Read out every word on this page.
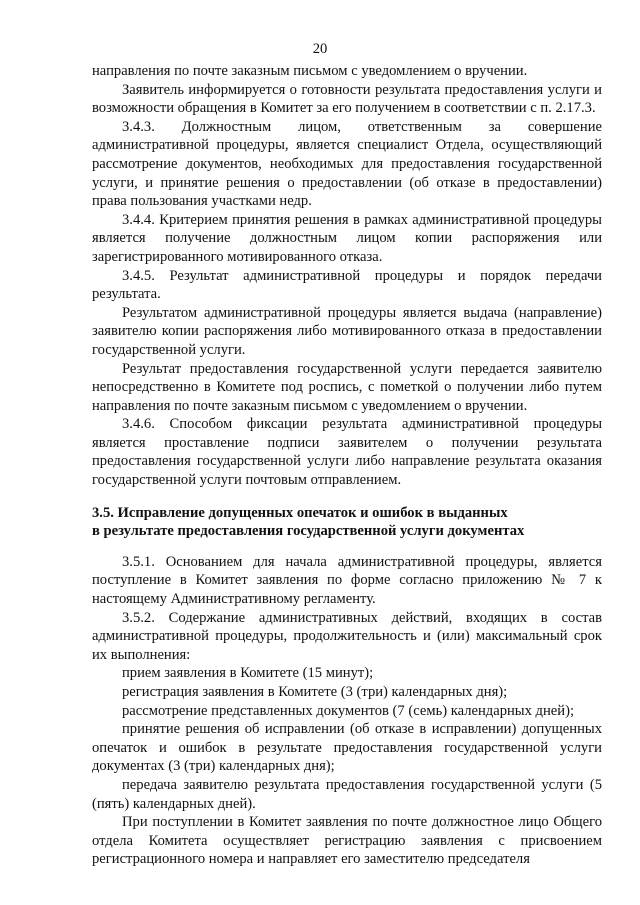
20

направления по почте заказным письмом с уведомлением о вручении.

Заявитель информируется о готовности результата предоставления услуги и возможности обращения в Комитет за его получением в соответствии с п. 2.17.3.

3.4.3. Должностным лицом, ответственным за совершение административной процедуры, является специалист Отдела, осуществляющий рассмотрение документов, необходимых для предоставления государственной услуги, и принятие решения о предоставлении (об отказе в предоставлении) права пользования участками недр.

3.4.4. Критерием принятия решения в рамках административной процедуры является получение должностным лицом копии распоряжения или зарегистрированного мотивированного отказа.

3.4.5. Результат административной процедуры и порядок передачи результата.

Результатом административной процедуры является выдача (направление) заявителю копии распоряжения либо мотивированного отказа в предоставлении государственной услуги.

Результат предоставления государственной услуги передается заявителю непосредственно в Комитете под роспись, с пометкой о получении либо путем направления по почте заказным письмом с уведомлением о вручении.

3.4.6. Способом фиксации результата административной процедуры является проставление подписи заявителем о получении результата предоставления государственной услуги либо направление результата оказания государственной услуги почтовым отправлением.

3.5. Исправление допущенных опечаток и ошибок в выданных

в результате предоставления государственной услуги документах

3.5.1. Основанием для начала административной процедуры, является поступление в Комитет заявления по форме согласно приложению № 7 к настоящему Административному регламенту.

3.5.2. Содержание административных действий, входящих в состав административной процедуры, продолжительность и (или) максимальный срок их выполнения:

прием заявления в Комитете (15 минут);

регистрация заявления в Комитете (3 (три) календарных дня);

рассмотрение представленных документов (7 (семь) календарных дней);

принятие решения об исправлении (об отказе в исправлении) допущенных опечаток и ошибок в результате предоставления государственной услуги документах (3 (три) календарных дня);

передача заявителю результата предоставления государственной услуги (5 (пять) календарных дней).

При поступлении в Комитет заявления по почте должностное лицо Общего отдела Комитета осуществляет регистрацию заявления с присвоением регистрационного номера и направляет его заместителю председателя
